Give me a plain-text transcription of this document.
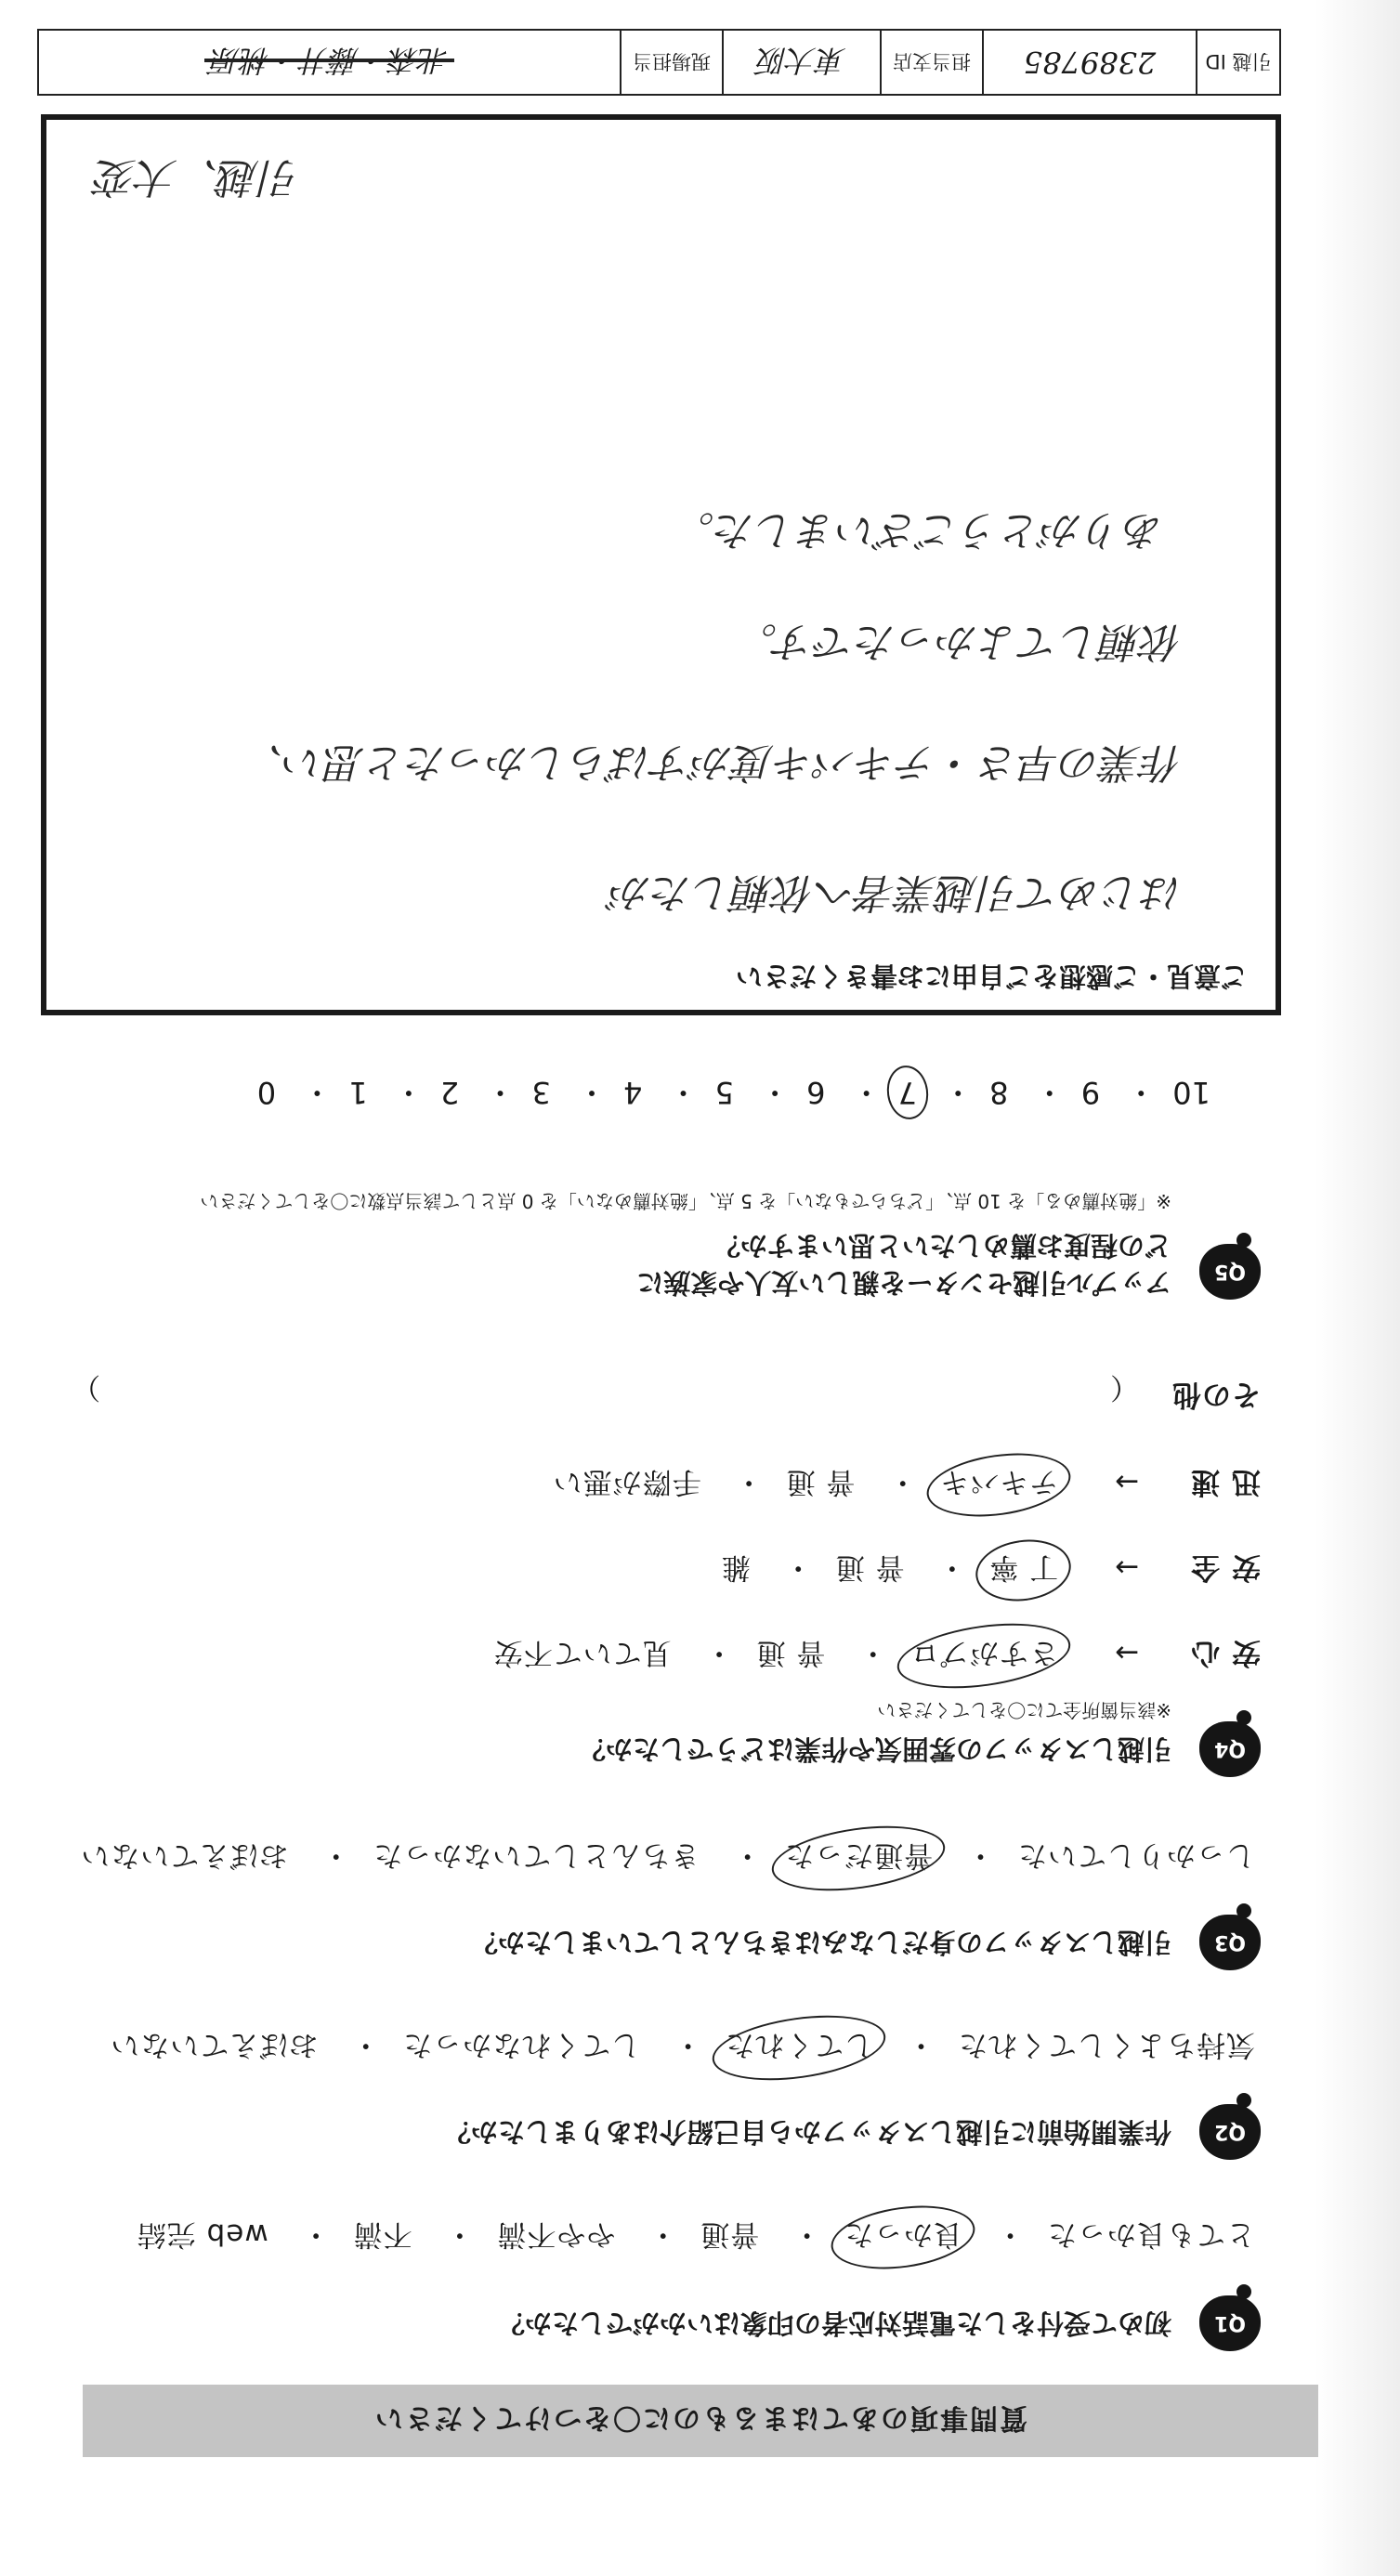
質問事項のあてはまるものに〇をつけてください
Q1
初めて受付をした電話対応者の印象はいかがでしたか？
とても良かった・ 良かった・ 普通・ やや不満・ 不満・ web 完結
Q2
作業開始前に引越しスタッフから自己紹介はありましたか？
気持ちよくしてくれた・ してくれた・ してくれなかった・ おぼえていない
Q3
引越しスタッフの身だしなみはきちんとしていましたか？
しっかりしていた・ 普通だった・ きちんとしていなかった・ おぼえていない
Q4
引越しスタッフの雰囲気や作業はどうでしたか？
※該当箇所全てに〇をしてください
安 心 → さすがプロ・ 普 通・ 見ていて不安
安 全 → 丁 寧・ 普 通・ 雑
迅 速 → テキパキ・ 普 通・ 手際が悪い
その他
（
）

Q5
アップル引越センターを親しい友人や家族に
どの程度お薦めしたいと思いますか？
※「絶対薦める」を 10 点、「どちらでもない」を 5 点、「絶対薦めない」を 0 点として該当点数に〇をしてください
10・ 9・ 8・ 7・ 6・ 5・ 4・ 3・ 2・ 1・ 0
ご意見・ご感想をご自由にお書きください
はじめて引越業者へ依頼したが
作業の早さ・テキパキ度がすばらしかったと思い、
依頼してよかったです。
ありがとうございました。
引越、大変
引越 ID
2389785
担当支店
東大阪
現場担当
北森・藤井・桃原
